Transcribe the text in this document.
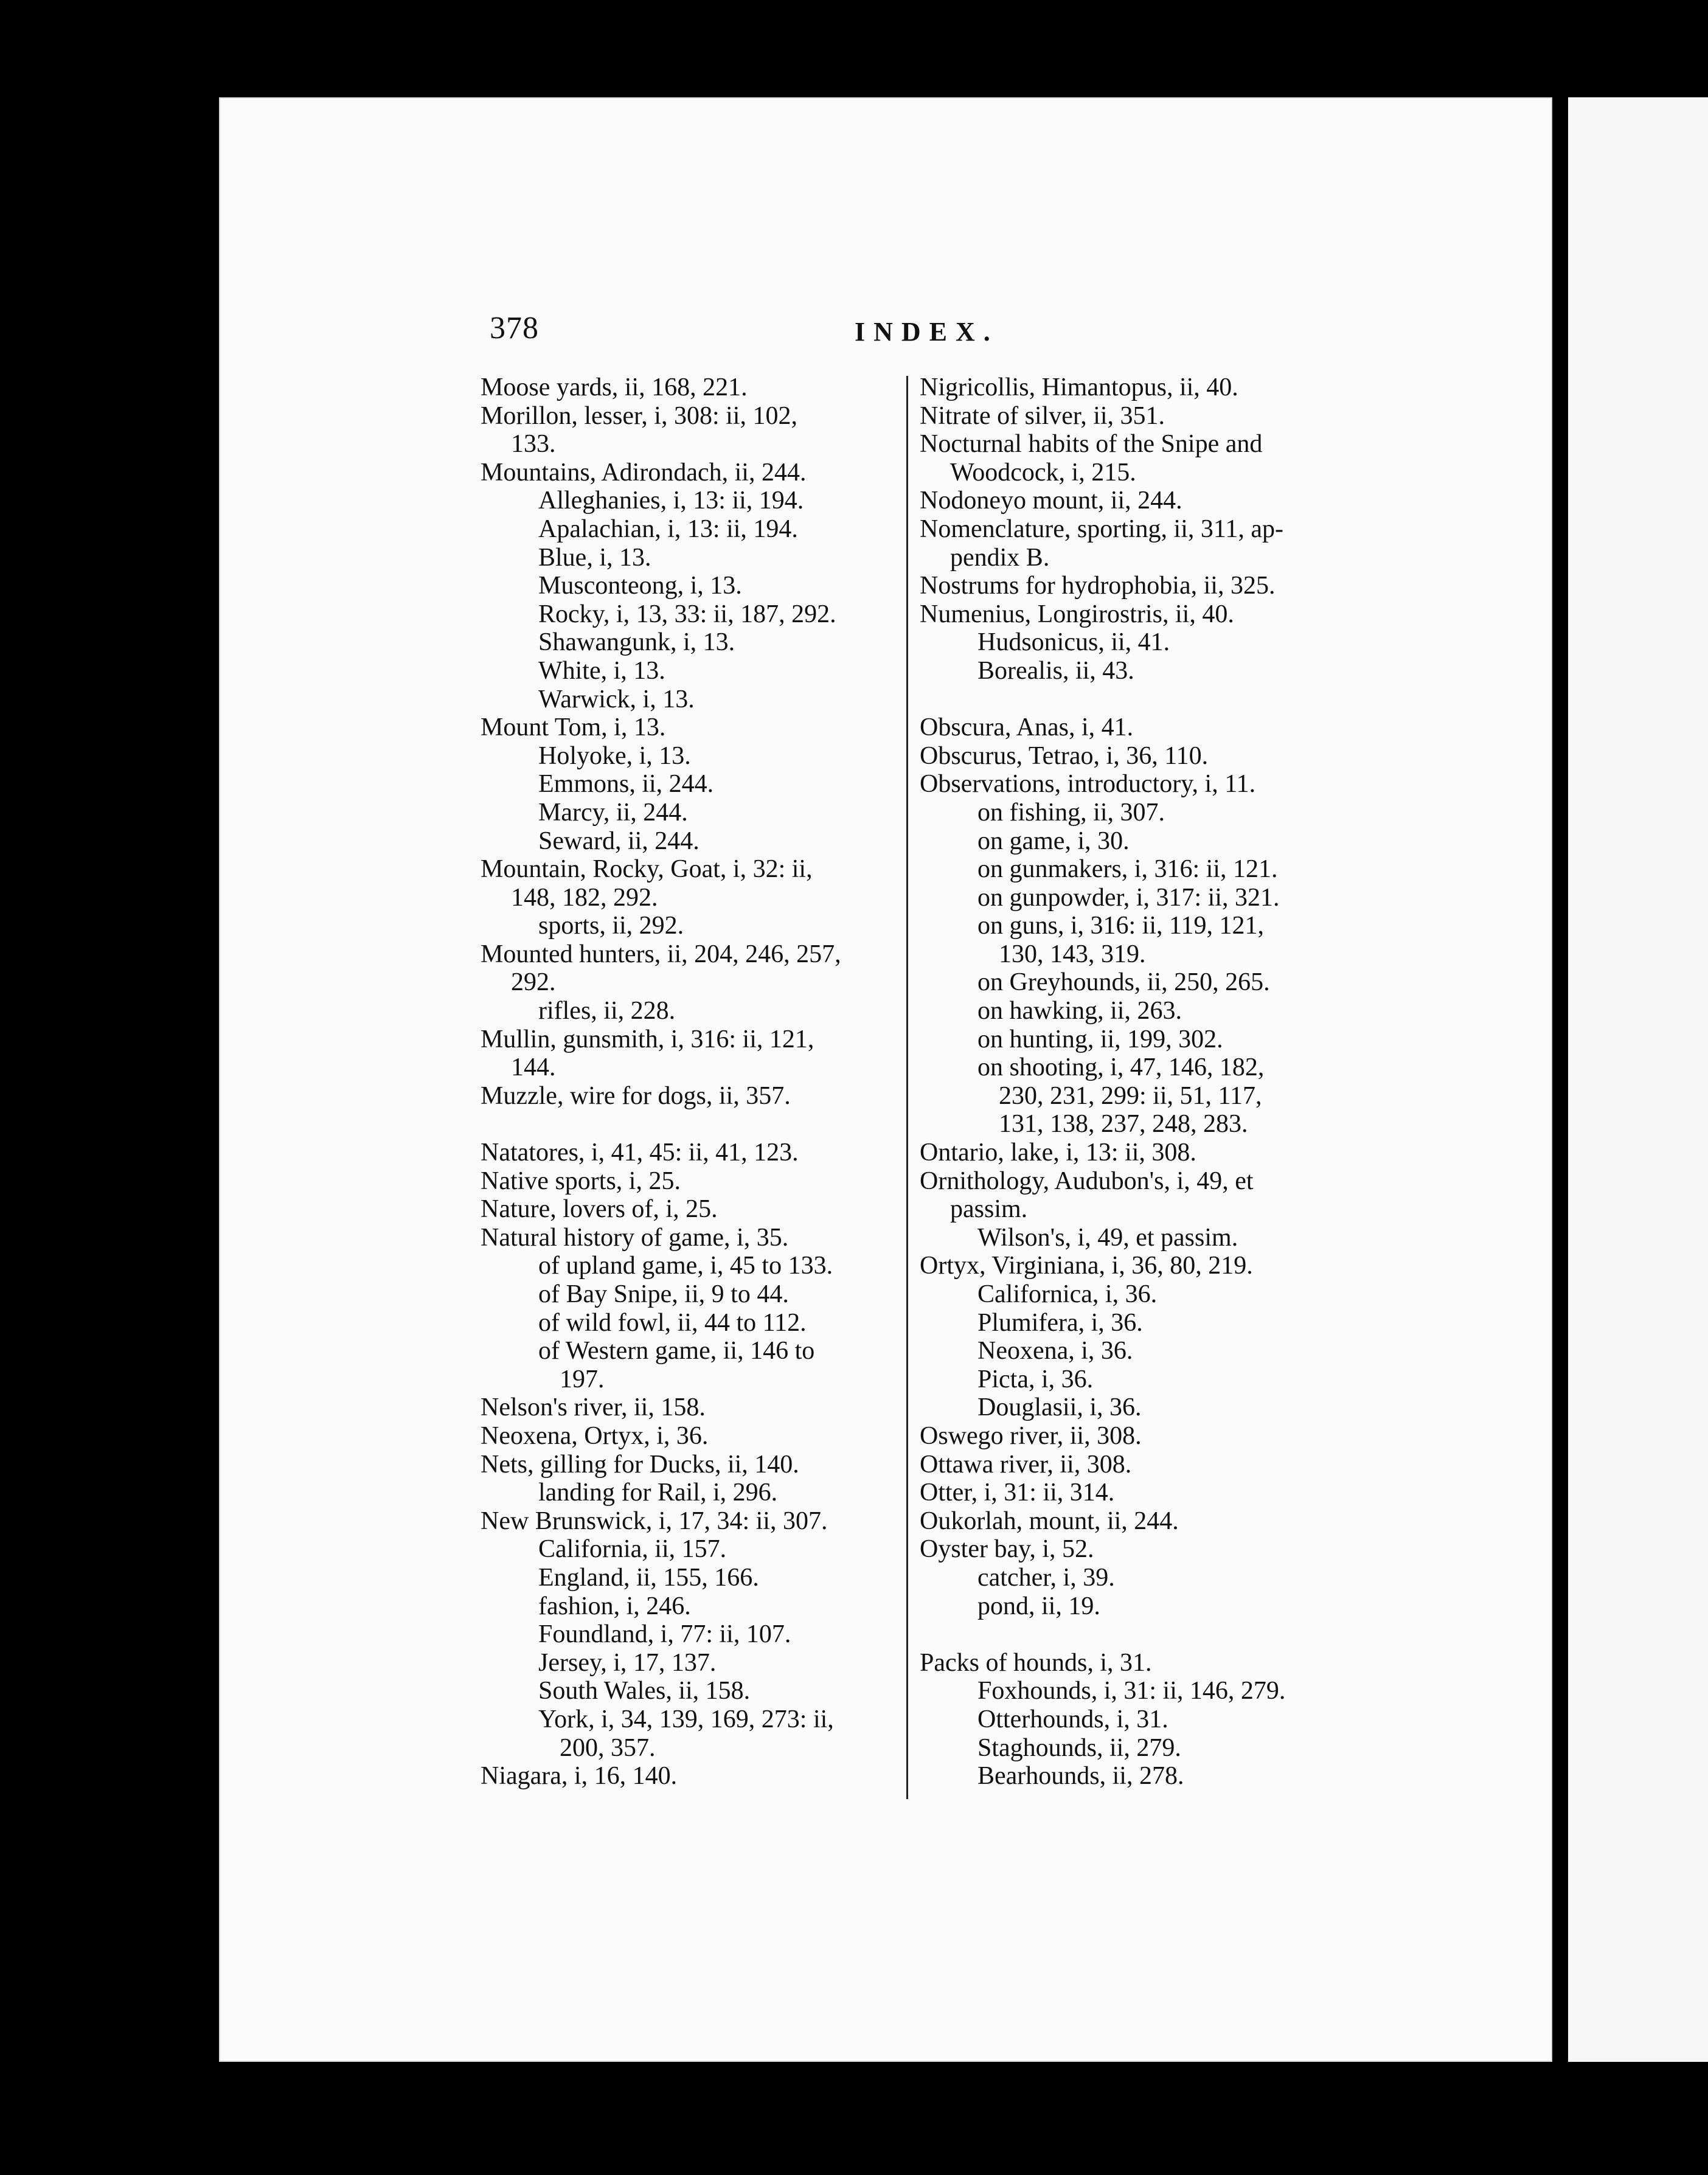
378	INDEX.
Moose yards, ii, 168, 221.
Morillon, lesser, i, 308: ii, 102,
133.
Mountains, Adirondach, ii, 244.
Alleghanies, i, 13: ii, 194.
Apalachian, i, 13: ii, 194.
Blue, i, 13.
Musconteong, i, 13.
Rocky, i, 13, 33: ii, 187, 292.
Shawangunk, i, 13.
White, i, 13.
Warwick, i, 13.
Mount Tom, i, 13.
Holyoke, i, 13.
Emmons, ii, 244.
Marcy, ii, 244.
Seward, ii, 244.
Mountain, Rocky, Goat, i, 32: ii,
148, 182, 292.
sports, ii, 292.
Mounted hunters, ii, 204, 246, 257,
292.
rifles, ii, 228.
Mullin, gunsmith, i, 316: ii, 121,
144.
Muzzle, wire for dogs, ii, 357.
Natatores, i, 41, 45: ii, 41, 123.
Native sports, i, 25.
Nature, lovers of, i, 25.
Natural history of game, i, 35.
of upland game, i, 45 to 133.
of Bay Snipe, ii, 9 to 44.
of wild fowl, ii, 44 to 112.
of Western game, ii, 146 to
197.
Nelson's river, ii, 158.
Neoxena, Ortyx, i, 36.
Nets, gilling for Ducks, ii, 140.
landing for Rail, i, 296.
New Brunswick, i, 17, 34: ii, 307.
California, ii, 157.
England, ii, 155, 166.
fashion, i, 246.
Foundland, i, 77: ii, 107.
Jersey, i, 17, 137.
South Wales, ii, 158.
York, i, 34, 139, 169, 273: ii,
200, 357.
Niagara, i, 16, 140.
Nigricollis, Himantopus, ii, 40.
Nitrate of silver, ii, 351.
Nocturnal habits of the Snipe and
Woodcock, i, 215.
Nodoneyo mount, ii, 244.
Nomenclature, sporting, ii, 311, ap-
pendix B.
Nostrums for hydrophobia, ii, 325.
Numenius, Longirostris, ii, 40.
Hudsonicus, ii, 41.
Borealis, ii, 43.
Obscura, Anas, i, 41.
Obscurus, Tetrao, i, 36, 110.
Observations, introductory, i, 11.
on fishing, ii, 307.
on game, i, 30.
on gunmakers, i, 316: ii, 121.
on gunpowder, i, 317: ii, 321.
on guns, i, 316: ii, 119, 121,
130, 143, 319.
on Greyhounds, ii, 250, 265.
on hawking, ii, 263.
on hunting, ii, 199, 302.
on shooting, i, 47, 146, 182,
230, 231, 299: ii, 51, 117,
131, 138, 237, 248, 283.
Ontario, lake, i, 13: ii, 308.
Ornithology, Audubon's, i, 49, et
passim.
Wilson's, i, 49, et passim.
Ortyx, Virginiana, i, 36, 80, 219.
Californica, i, 36.
Plumifera, i, 36.
Neoxena, i, 36.
Picta, i, 36.
Douglasii, i, 36.
Oswego river, ii, 308.
Ottawa river, ii, 308.
Otter, i, 31: ii, 314.
Oukorlah, mount, ii, 244.
Oyster bay, i, 52.
catcher, i, 39.
pond, ii, 19.
Packs of hounds, i, 31.
Foxhounds, i, 31: ii, 146, 279.
Otterhounds, i, 31.
Staghounds, ii, 279.
Bearhounds, ii, 278.
